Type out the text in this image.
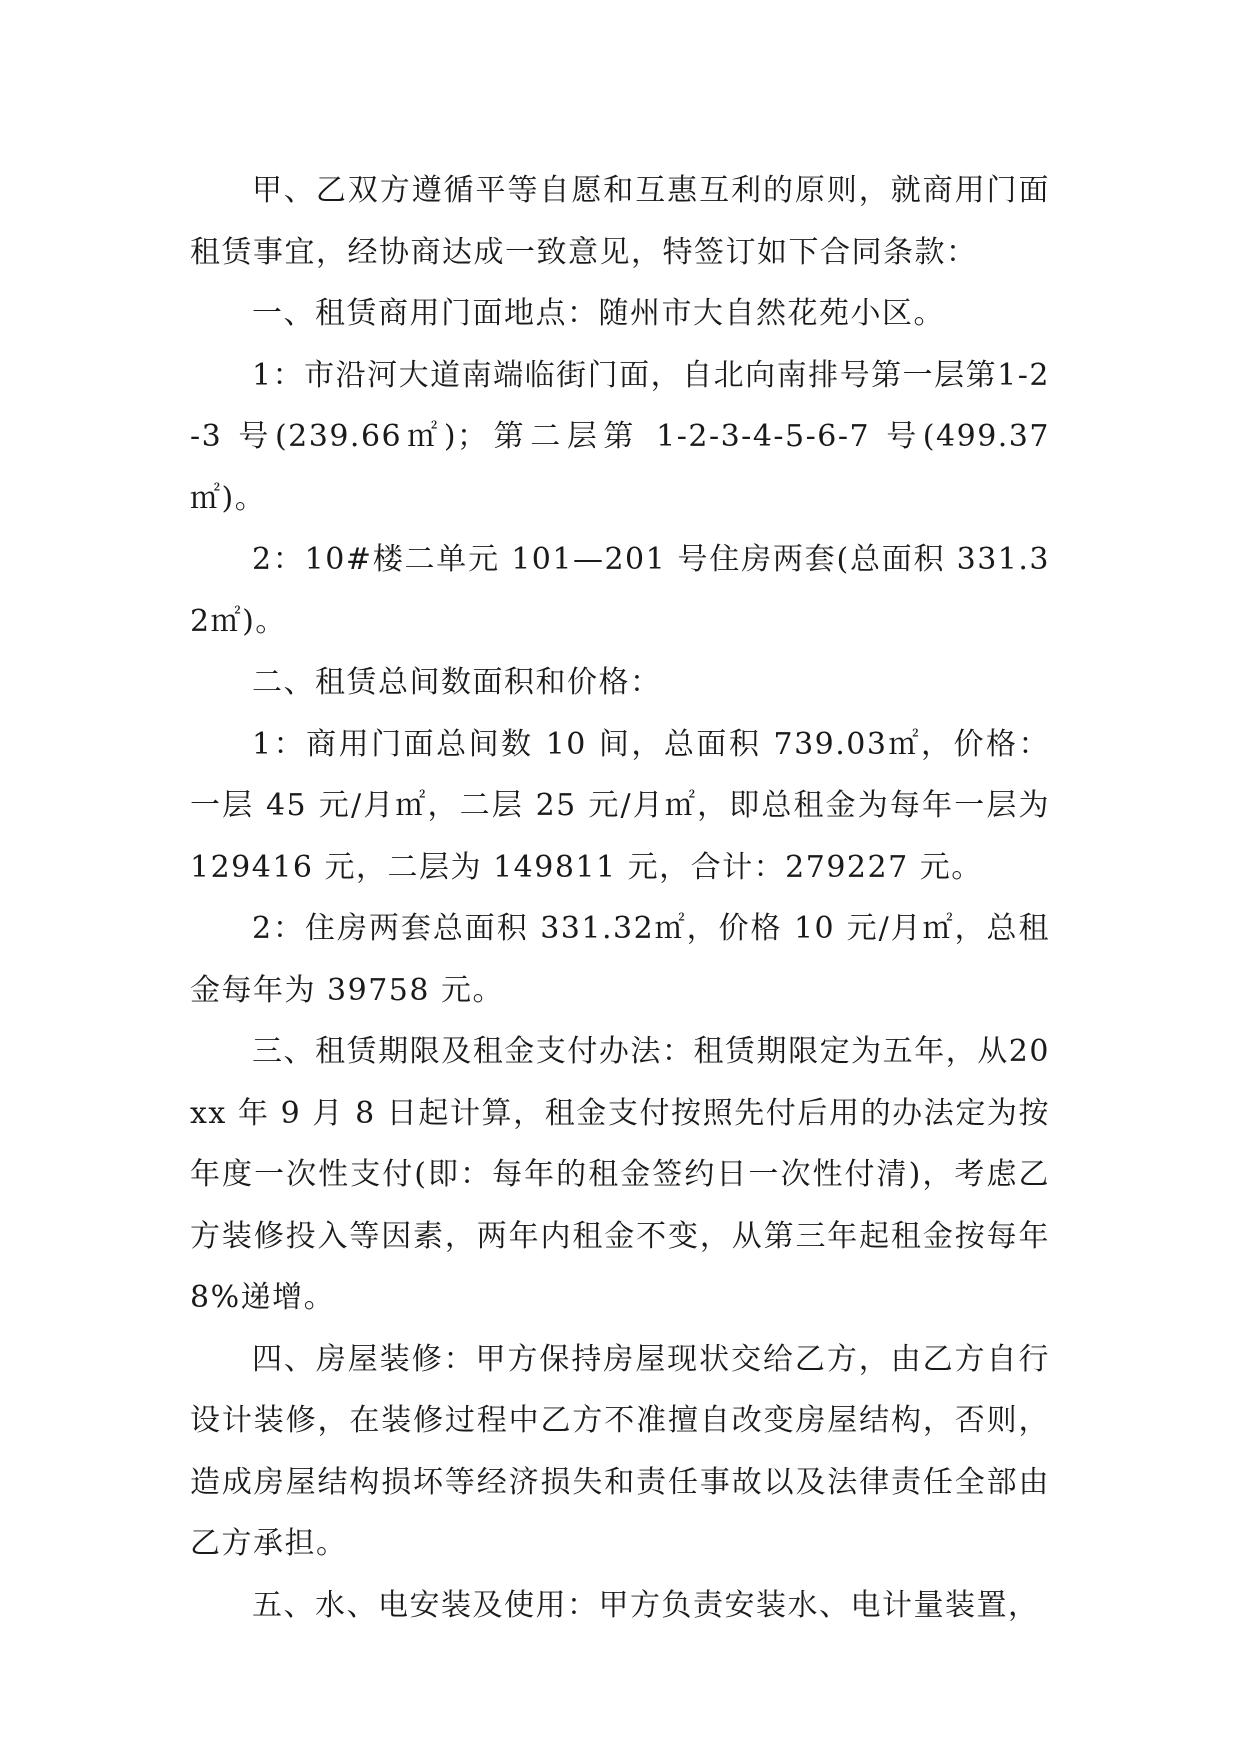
甲、乙双方遵循平等自愿和互惠互利的原则，就商用门面租赁事宜，经协商达成一致意见，特签订如下合同条款：

一、租赁商用门面地点：随州市大自然花苑小区。

1：市沿河大道南端临街门面，自北向南排号第一层第1-2-3 号(239.66㎡)；第二层第 1-2-3-4-5-6-7 号(499.37㎡)。

2：10#楼二单元 101—201 号住房两套(总面积 331.32㎡)。

二、租赁总间数面积和价格：

1：商用门面总间数 10 间，总面积 739.03㎡，价格：一层 45 元/月㎡，二层 25 元/月㎡，即总租金为每年一层为129416 元，二层为 149811 元，合计：279227 元。

2：住房两套总面积 331.32㎡，价格 10 元/月㎡，总租金每年为 39758 元。

三、租赁期限及租金支付办法：租赁期限定为五年，从20xx 年 9 月 8 日起计算，租金支付按照先付后用的办法定为按年度一次性支付(即：每年的租金签约日一次性付清)，考虑乙方装修投入等因素，两年内租金不变，从第三年起租金按每年 8%递增。

四、房屋装修：甲方保持房屋现状交给乙方，由乙方自行设计装修，在装修过程中乙方不准擅自改变房屋结构，否则，造成房屋结构损坏等经济损失和责任事故以及法律责任全部由乙方承担。

五、水、电安装及使用：甲方负责安装水、电计量装置，
